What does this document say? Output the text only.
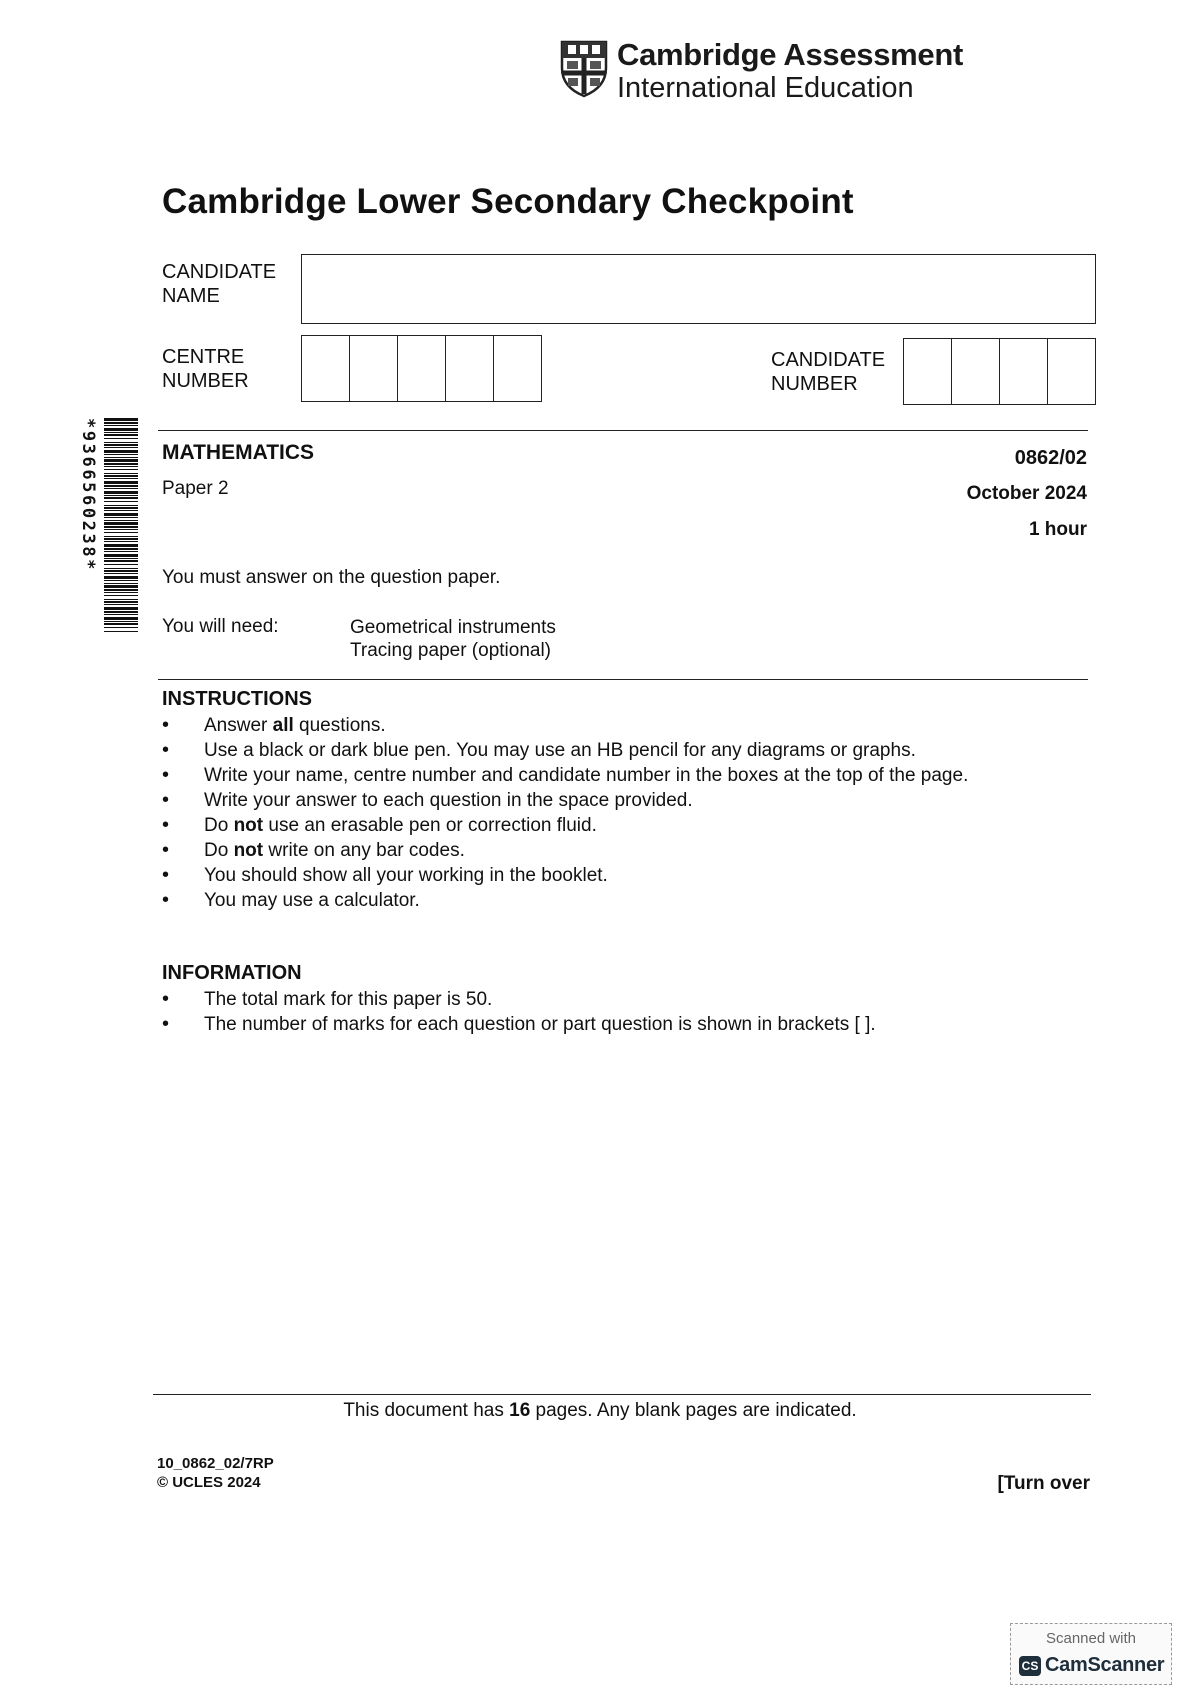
Cambridge Assessment
International Education
Cambridge Lower Secondary Checkpoint
CANDIDATE
NAME
CENTRE
NUMBER
CANDIDATE
NUMBER
*9366560238*	MATHEMATICS
Paper 2
0862/02
October 2024
1 hour
You must answer on the question paper.
You will need:	Geometrical instruments
Tracing paper (optional)
INSTRUCTIONS
• Answer all questions.
• Use a black or dark blue pen. You may use an HB pencil for any diagrams or graphs.
• Write your name, centre number and candidate number in the boxes at the top of the page.
• Write your answer to each question in the space provided.
• Do not use an erasable pen or correction fluid.
• Do not write on any bar codes.
• You should show all your working in the booklet.
• You may use a calculator.
INFORMATION
• The total mark for this paper is 50.
• The number of marks for each question or part question is shown in brackets [ ].
This document has 16 pages. Any blank pages are indicated.
10_0862_02/7RP
© UCLES 2024	[Turn over
Scanned with
CS CamScanner
